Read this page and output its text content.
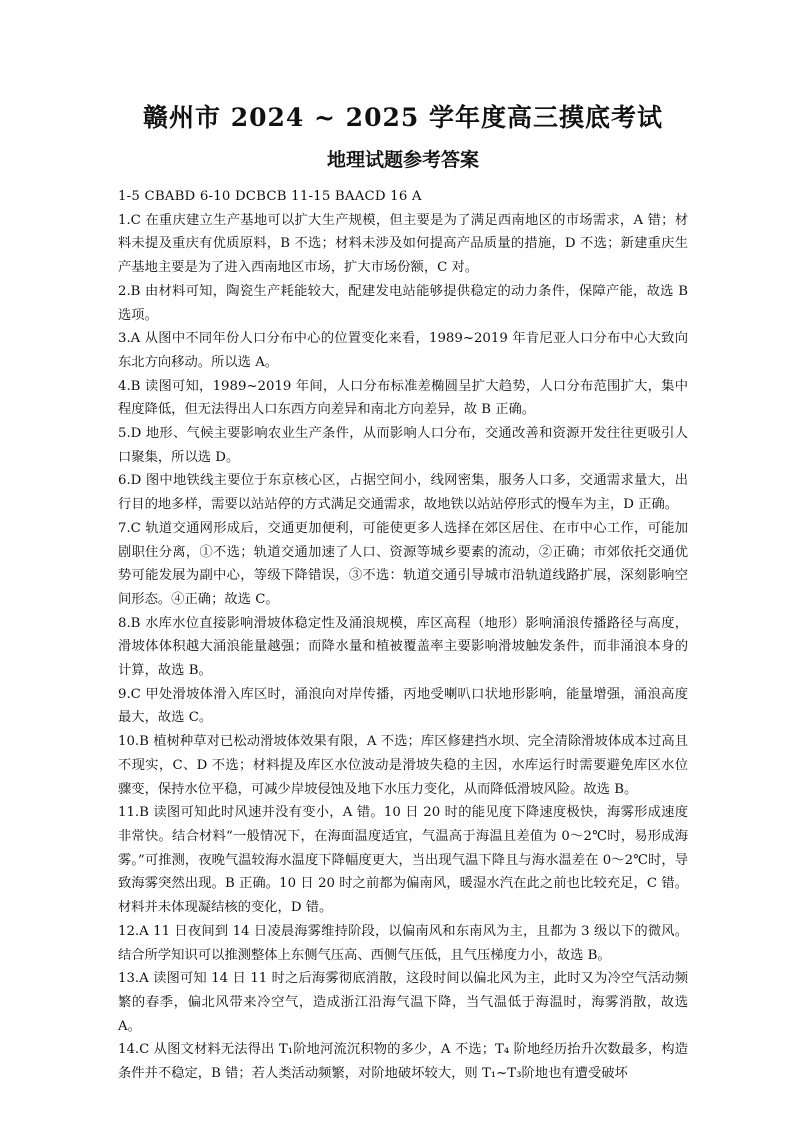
赣州市 2024 ~ 2025 学年度高三摸底考试
地理试题参考答案

1-5 CBABD 6-10 DCBCB 11-15 BAACD 16 A

1.C 在重庆建立生产基地可以扩大生产规模，但主要是为了满足西南地区的市场需求，A 错；材料未提及重庆有优质原料，B 不选；材料未涉及如何提高产品质量的措施，D 不选；新建重庆生产基地主要是为了进入西南地区市场，扩大市场份额，C 对。

2.B 由材料可知，陶瓷生产耗能较大，配建发电站能够提供稳定的动力条件，保障产能，故选 B 选项。

3.A 从图中不同年份人口分布中心的位置变化来看，1989~2019 年肯尼亚人口分布中心大致向东北方向移动。所以选 A。

4.B 读图可知，1989~2019 年间，人口分布标准差椭圆呈扩大趋势，人口分布范围扩大，集中程度降低，但无法得出人口东西方向差异和南北方向差异，故 B 正确。

5.D 地形、气候主要影响农业生产条件，从而影响人口分布，交通改善和资源开发往往更吸引人口聚集，所以选 D。

6.D 图中地铁线主要位于东京核心区，占据空间小，线网密集，服务人口多，交通需求量大，出行目的地多样，需要以站站停的方式满足交通需求，故地铁以站站停形式的慢车为主，D 正确。

7.C 轨道交通网形成后，交通更加便利，可能使更多人选择在郊区居住、在市中心工作，可能加剧职住分离，①不选；轨道交通加速了人口、资源等城乡要素的流动，②正确；市郊依托交通优势可能发展为副中心，等级下降错误，③不选：轨道交通引导城市沿轨道线路扩展，深刻影响空间形态。④正确；故选 C。

8.B 水库水位直接影响滑坡体稳定性及涌浪规模，库区高程（地形）影响涌浪传播路径与高度，滑坡体体积越大涌浪能量越强；而降水量和植被覆盖率主要影响滑坡触发条件，而非涌浪本身的计算，故选 B。

9.C 甲处滑坡体滑入库区时，涌浪向对岸传播，丙地受喇叭口状地形影响，能量增强，涌浪高度最大，故选 C。

10.B 植树种草对已松动滑坡体效果有限，A 不选；库区修建挡水坝、完全清除滑坡体成本过高且不现实，C、D 不选；材料提及库区水位波动是滑坡失稳的主因，水库运行时需要避免库区水位骤变，保持水位平稳，可减少岸坡侵蚀及地下水压力变化，从而降低滑坡风险。故选 B。

11.B 读图可知此时风速并没有变小，A 错。10 日 20 时的能见度下降速度极快，海雾形成速度非常快。结合材料“一般情况下，在海面温度适宜，气温高于海温且差值为 0～2℃时，易形成海雾。”可推测，夜晚气温较海水温度下降幅度更大，当出现气温下降且与海水温差在 0～2℃时，导致海雾突然出现。B 正确。10 日 20 时之前都为偏南风，暖湿水汽在此之前也比较充足，C 错。材料并未体现凝结核的变化，D 错。

12.A 11 日夜间到 14 日凌晨海雾维持阶段，以偏南风和东南风为主，且都为 3 级以下的微风。结合所学知识可以推测整体上东侧气压高、西侧气压低，且气压梯度力小，故选 B。

13.A 读图可知 14 日 11 时之后海雾彻底消散，这段时间以偏北风为主，此时又为冷空气活动频繁的春季，偏北风带来冷空气，造成浙江沿海气温下降，当气温低于海温时，海雾消散，故选 A。

14.C 从图文材料无法得出 T₁阶地河流沉积物的多少，A 不选；T₄ 阶地经历抬升次数最多，构造条件并不稳定，B 错；若人类活动频繁，对阶地破坏较大，则 T₁~T₃阶地也有遭受破坏
